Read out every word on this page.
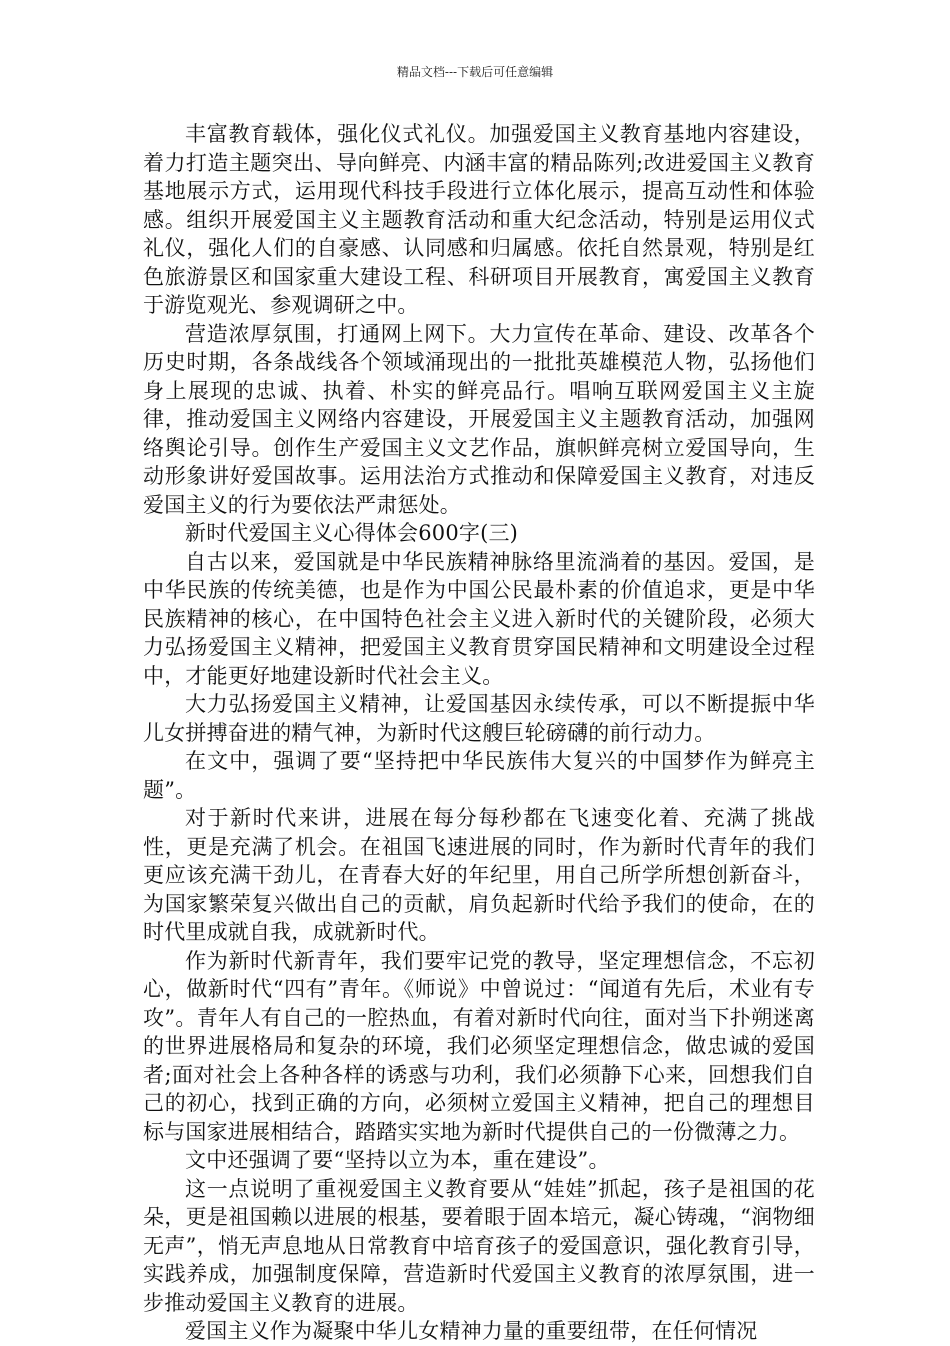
精品文档---下载后可任意编辑

丰富教育载体，强化仪式礼仪。加强爱国主义教育基地内容建设，着力打造主题突出、导向鲜亮、内涵丰富的精品陈列;改进爱国主义教育基地展示方式，运用现代科技手段进行立体化展示，提高互动性和体验感。组织开展爱国主义主题教育活动和重大纪念活动，特别是运用仪式礼仪，强化人们的自豪感、认同感和归属感。依托自然景观，特别是红色旅游景区和国家重大建设工程、科研项目开展教育，寓爱国主义教育于游览观光、参观调研之中。

营造浓厚氛围，打通网上网下。大力宣传在革命、建设、改革各个历史时期，各条战线各个领域涌现出的一批批英雄模范人物，弘扬他们身上展现的忠诚、执着、朴实的鲜亮品行。唱响互联网爱国主义主旋律，推动爱国主义网络内容建设，开展爱国主义主题教育活动，加强网络舆论引导。创作生产爱国主义文艺作品，旗帜鲜亮树立爱国导向，生动形象讲好爱国故事。运用法治方式推动和保障爱国主义教育，对违反爱国主义的行为要依法严肃惩处。

新时代爱国主义心得体会600字(三)

自古以来，爱国就是中华民族精神脉络里流淌着的基因。爱国，是中华民族的传统美德，也是作为中国公民最朴素的价值追求，更是中华民族精神的核心，在中国特色社会主义进入新时代的关键阶段，必须大力弘扬爱国主义精神，把爱国主义教育贯穿国民精神和文明建设全过程中，才能更好地建设新时代社会主义。

大力弘扬爱国主义精神，让爱国基因永续传承，可以不断提振中华儿女拼搏奋进的精气神，为新时代这艘巨轮磅礴的前行动力。

在文中，强调了要“坚持把中华民族伟大复兴的中国梦作为鲜亮主题”。

对于新时代来讲，进展在每分每秒都在飞速变化着、充满了挑战性，更是充满了机会。在祖国飞速进展的同时，作为新时代青年的我们更应该充满干劲儿，在青春大好的年纪里，用自己所学所想创新奋斗，为国家繁荣复兴做出自己的贡献，肩负起新时代给予我们的使命，在的时代里成就自我，成就新时代。

作为新时代新青年，我们要牢记党的教导，坚定理想信念，不忘初心，做新时代“四有”青年。《师说》中曾说过：“闻道有先后，术业有专攻”。青年人有自己的一腔热血，有着对新时代向往，面对当下扑朔迷离的世界进展格局和复杂的环境，我们必须坚定理想信念，做忠诚的爱国者;面对社会上各种各样的诱惑与功利，我们必须静下心来，回想我们自己的初心，找到正确的方向，必须树立爱国主义精神，把自己的理想目标与国家进展相结合，踏踏实实地为新时代提供自己的一份微薄之力。

文中还强调了要“坚持以立为本，重在建设”。

这一点说明了重视爱国主义教育要从“娃娃”抓起，孩子是祖国的花朵，更是祖国赖以进展的根基，要着眼于固本培元，凝心铸魂，“润物细无声”，悄无声息地从日常教育中培育孩子的爱国意识，强化教育引导，实践养成，加强制度保障，营造新时代爱国主义教育的浓厚氛围，进一步推动爱国主义教育的进展。

爱国主义作为凝聚中华儿女精神力量的重要纽带，在任何情况
